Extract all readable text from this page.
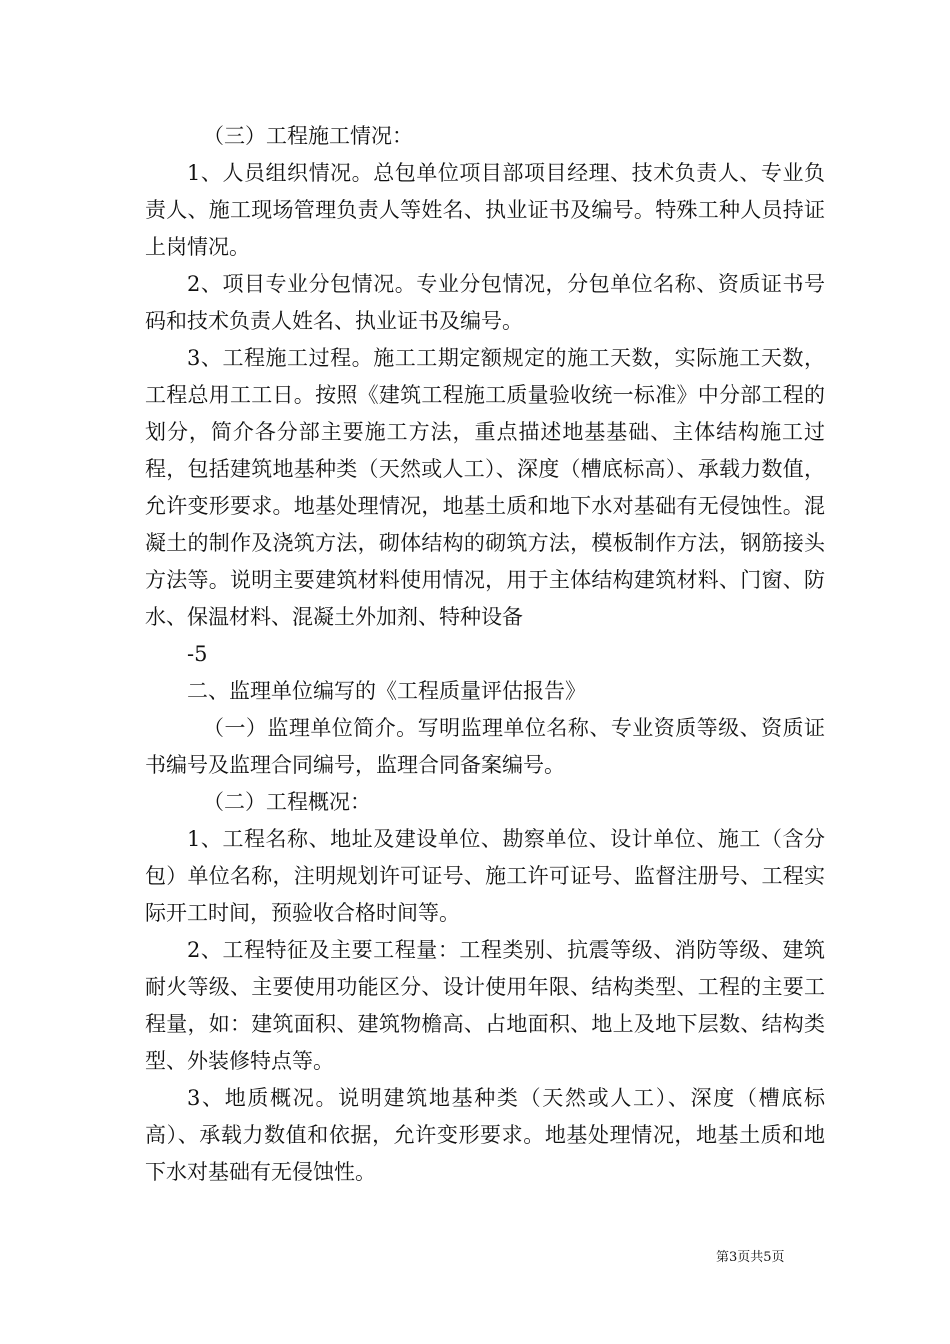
（三）工程施工情况：

1、人员组织情况。总包单位项目部项目经理、技术负责人、专业负责人、施工现场管理负责人等姓名、执业证书及编号。特殊工种人员持证上岗情况。

2、项目专业分包情况。专业分包情况，分包单位名称、资质证书号码和技术负责人姓名、执业证书及编号。

3、工程施工过程。施工工期定额规定的施工天数，实际施工天数，工程总用工工日。按照《建筑工程施工质量验收统一标准》中分部工程的划分，简介各分部主要施工方法，重点描述地基基础、主体结构施工过程，包括建筑地基种类（天然或人工）、深度（槽底标高）、承载力数值，允许变形要求。地基处理情况，地基土质和地下水对基础有无侵蚀性。混凝土的制作及浇筑方法，砌体结构的砌筑方法，模板制作方法，钢筋接头方法等。说明主要建筑材料使用情况，用于主体结构建筑材料、门窗、防水、保温材料、混凝土外加剂、特种设备

-5

二、监理单位编写的《工程质量评估报告》

（一）监理单位简介。写明监理单位名称、专业资质等级、资质证书编号及监理合同编号，监理合同备案编号。

（二）工程概况：

1、工程名称、地址及建设单位、勘察单位、设计单位、施工（含分包）单位名称，注明规划许可证号、施工许可证号、监督注册号、工程实际开工时间，预验收合格时间等。

2、工程特征及主要工程量：工程类别、抗震等级、消防等级、建筑耐火等级、主要使用功能区分、设计使用年限、结构类型、工程的主要工程量，如：建筑面积、建筑物檐高、占地面积、地上及地下层数、结构类型、外装修特点等。

3、地质概况。说明建筑地基种类（天然或人工）、深度（槽底标高）、承载力数值和依据，允许变形要求。地基处理情况，地基土质和地下水对基础有无侵蚀性。

第3页共5页
